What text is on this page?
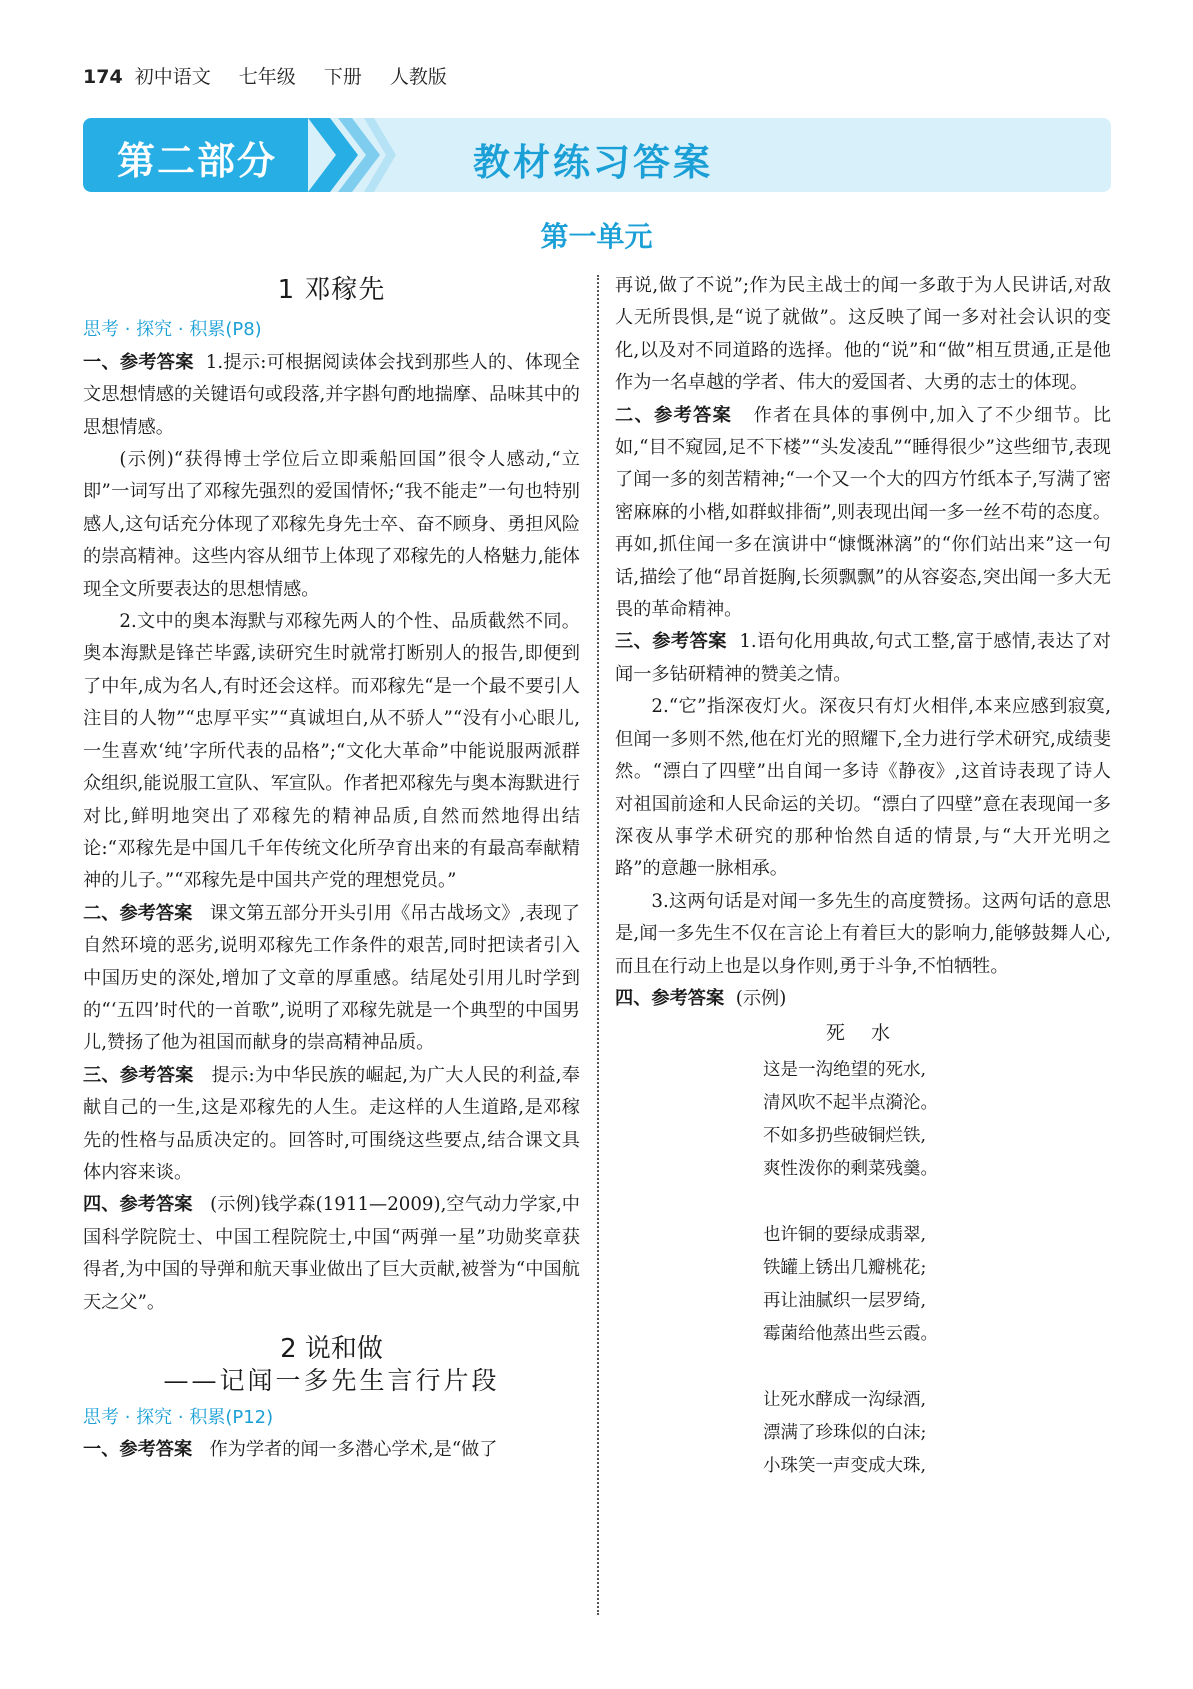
174 初中语文 七年级 下册 人教版
第二部分	教材练习答案
第一单元
1 邓稼先

思考 · 探究 · 积累(P8)

一、参考答案 1.提示:可根据阅读体会找到那些人的、体现全文思想情感的关键语句或段落,并字斟句酌地揣摩、品味其中的思想情感。

(示例)“获得博士学位后立即乘船回国”很令人感动,“立即”一词写出了邓稼先强烈的爱国情怀;“我不能走”一句也特别感人,这句话充分体现了邓稼先身先士卒、奋不顾身、勇担风险的崇高精神。这些内容从细节上体现了邓稼先的人格魅力,能体现全文所要表达的思想情感。

2.文中的奥本海默与邓稼先两人的个性、品质截然不同。奥本海默是锋芒毕露,读研究生时就常打断别人的报告,即便到了中年,成为名人,有时还会这样。而邓稼先“是一个最不要引人注目的人物”“忠厚平实”“真诚坦白,从不骄人”“没有小心眼儿,一生喜欢‘纯’字所代表的品格”;“文化大革命”中能说服两派群众组织,能说服工宣队、军宣队。作者把邓稼先与奥本海默进行对比,鲜明地突出了邓稼先的精神品质,自然而然地得出结论:“邓稼先是中国几千年传统文化所孕育出来的有最高奉献精神的儿子。”“邓稼先是中国共产党的理想党员。”

二、参考答案 课文第五部分开头引用《吊古战场文》,表现了自然环境的恶劣,说明邓稼先工作条件的艰苦,同时把读者引入中国历史的深处,增加了文章的厚重感。结尾处引用儿时学到的“‘五四’时代的一首歌”,说明了邓稼先就是一个典型的中国男儿,赞扬了他为祖国而献身的崇高精神品质。

三、参考答案 提示:为中华民族的崛起,为广大人民的利益,奉献自己的一生,这是邓稼先的人生。走这样的人生道路,是邓稼先的性格与品质决定的。回答时,可围绕这些要点,结合课文具体内容来谈。

四、参考答案 (示例)钱学森(1911—2009),空气动力学家,中国科学院院士、中国工程院院士,中国“两弹一星”功勋奖章获得者,为中国的导弹和航天事业做出了巨大贡献,被誉为“中国航天之父”。

2 说和做
——记闻一多先生言行片段

思考 · 探究 · 积累(P12)

一、参考答案 作为学者的闻一多潜心学术,是“做了

再说,做了不说”;作为民主战士的闻一多敢于为人民讲话,对敌人无所畏惧,是“说了就做”。这反映了闻一多对社会认识的变化,以及对不同道路的选择。他的“说”和“做”相互贯通,正是他作为一名卓越的学者、伟大的爱国者、大勇的志士的体现。

二、参考答案 作者在具体的事例中,加入了不少细节。比如,“目不窥园,足不下楼”“头发凌乱”“睡得很少”这些细节,表现了闻一多的刻苦精神;“一个又一个大的四方竹纸本子,写满了密密麻麻的小楷,如群蚁排衙”,则表现出闻一多一丝不苟的态度。再如,抓住闻一多在演讲中“慷慨淋漓”的“你们站出来”这一句话,描绘了他“昂首挺胸,长须飘飘”的从容姿态,突出闻一多大无畏的革命精神。

三、参考答案 1.语句化用典故,句式工整,富于感情,表达了对闻一多钻研精神的赞美之情。

2.“它”指深夜灯火。深夜只有灯火相伴,本来应感到寂寞,但闻一多则不然,他在灯光的照耀下,全力进行学术研究,成绩斐然。“漂白了四壁”出自闻一多诗《静夜》,这首诗表现了诗人对祖国前途和人民命运的关切。“漂白了四壁”意在表现闻一多深夜从事学术研究的那种怡然自适的情景,与“大开光明之路”的意趣一脉相承。

3.这两句话是对闻一多先生的高度赞扬。这两句话的意思是,闻一多先生不仅在言论上有着巨大的影响力,能够鼓舞人心,而且在行动上也是以身作则,勇于斗争,不怕牺牲。

四、参考答案 (示例)

死 水
这是一沟绝望的死水,
清风吹不起半点漪沦。
不如多扔些破铜烂铁,
爽性泼你的剩菜残羹。
也许铜的要绿成翡翠,
铁罐上锈出几瓣桃花;
再让油腻织一层罗绮,
霉菌给他蒸出些云霞。
让死水酵成一沟绿酒,
漂满了珍珠似的白沫;
小珠笑一声变成大珠,
